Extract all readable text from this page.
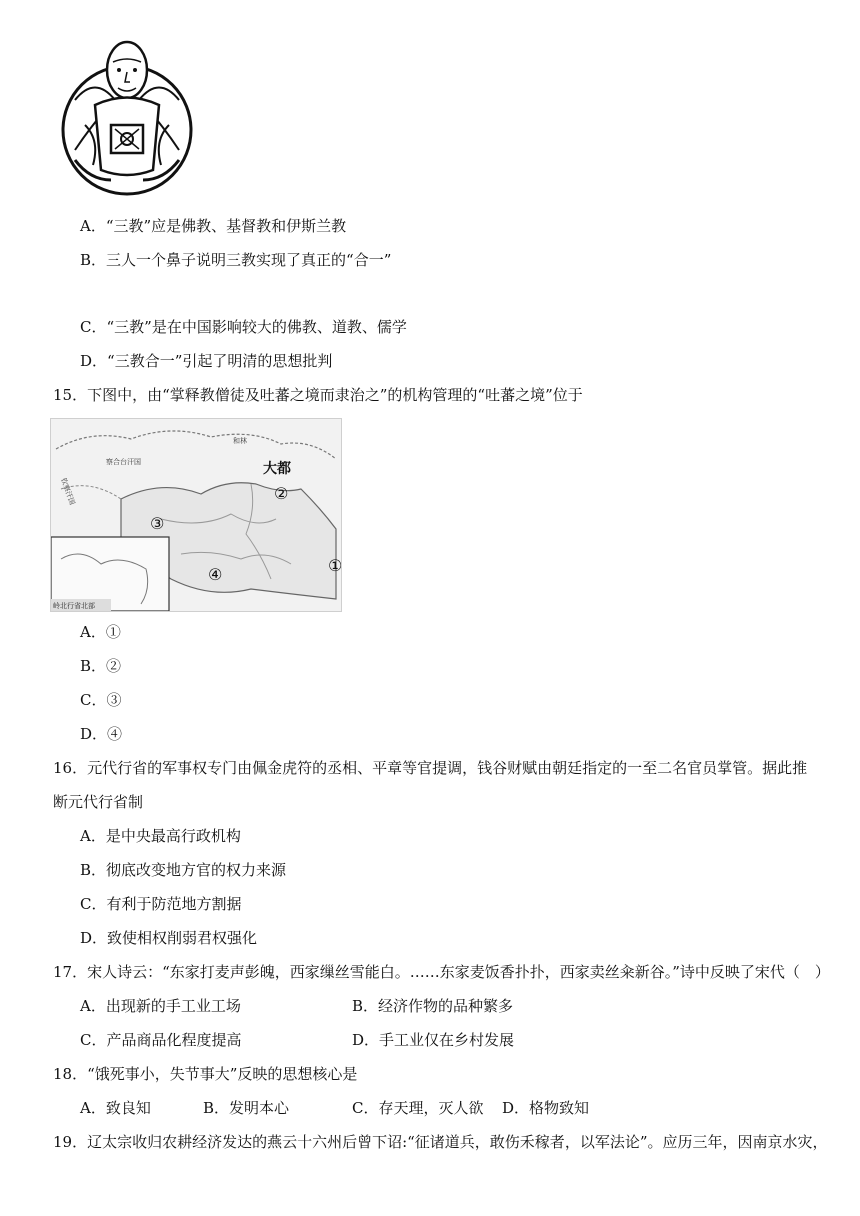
A．“三教”应是佛教、基督教和伊斯兰教
B．三人一个鼻子说明三教实现了真正的“合一”
C．“三教”是在中国影响较大的佛教、道教、儒学
D．“三教合一”引起了明清的思想批判
15．下图中，由“掌释教僧徒及吐蕃之境而隶治之”的机构管理的“吐蕃之境”位于
岭北行省北部
察合台汗国
钦察汗国
和林
大都
①
②
③
④
A．①
B．②
C．③
D．④
16．元代行省的军事权专门由佩金虎符的丞相、平章等官提调，钱谷财赋由朝廷指定的一至二名官员掌管。据此推
断元代行省制
A．是中央最高行政机构
B．彻底改变地方官的权力来源
C．有利于防范地方割据
D．致使相权削弱君权强化
17．宋人诗云：“东家打麦声彭魄，西家缫丝雪能白。……东家麦饭香扑扑，西家卖丝籴新谷。”诗中反映了宋代（　）
A．出现新的手工业工场	B．经济作物的品种繁多
C．产品商品化程度提高	D．手工业仅在乡村发展
18．“饿死事小，失节事大”反映的思想核心是
A．致良知	B．发明本心	C．存天理，灭人欲 D．格物致知
19．辽太宗收归农耕经济发达的燕云十六州后曾下诏:“征诸道兵，敢伤禾稼者，以军法论”。应历三年，因南京水灾，
